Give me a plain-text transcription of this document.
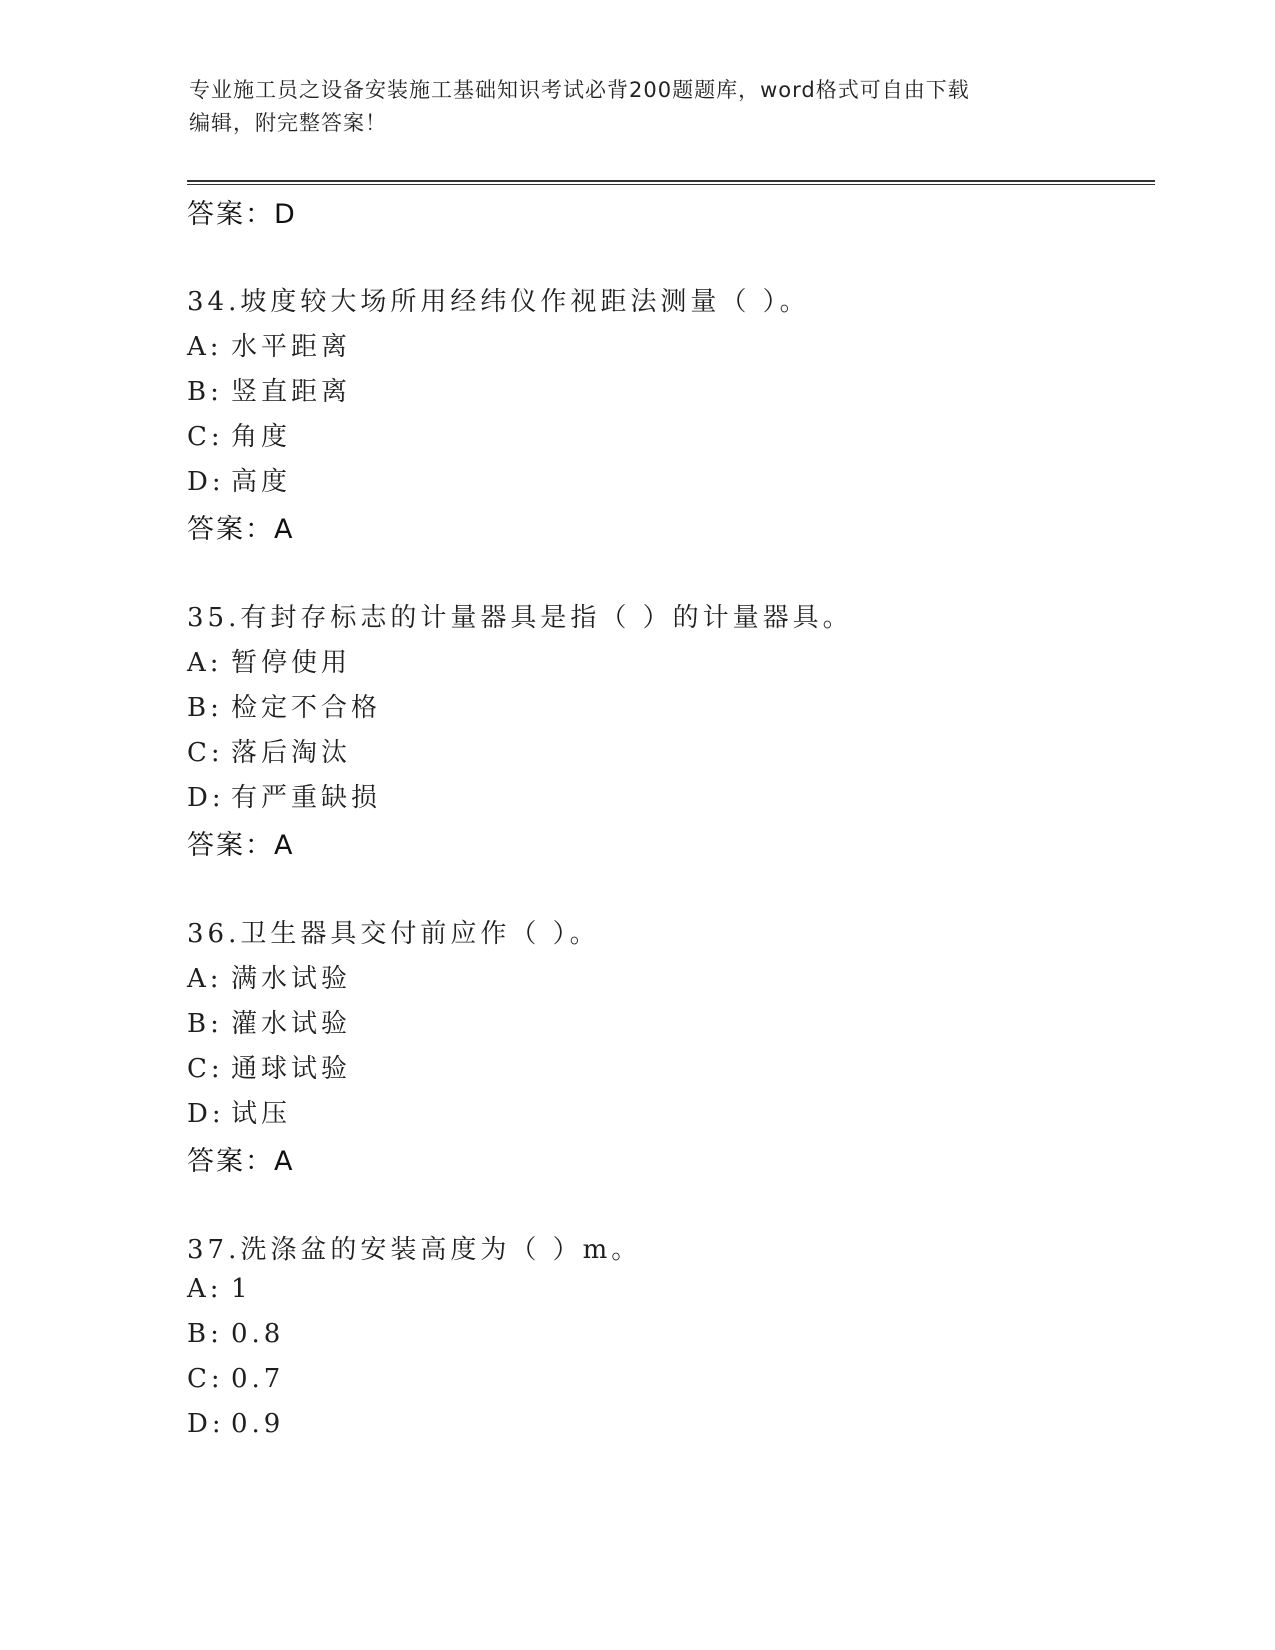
专业施工员之设备安装施工基础知识考试必背200题题库，word格式可自由下载
编辑，附完整答案！
答案：D
34.坡度较大场所用经纬仪作视距法测量（ ）。
A: 水平距离
B: 竖直距离
C: 角度
D: 高度
答案：A
35.有封存标志的计量器具是指（ ）的计量器具。
A: 暂停使用
B: 检定不合格
C: 落后淘汰
D: 有严重缺损
答案：A
36.卫生器具交付前应作（ ）。
A: 满水试验
B: 灌水试验
C: 通球试验
D: 试压
答案：A
37.洗涤盆的安装高度为（ ）m。
A: 1
B: 0.8
C: 0.7
D: 0.9
